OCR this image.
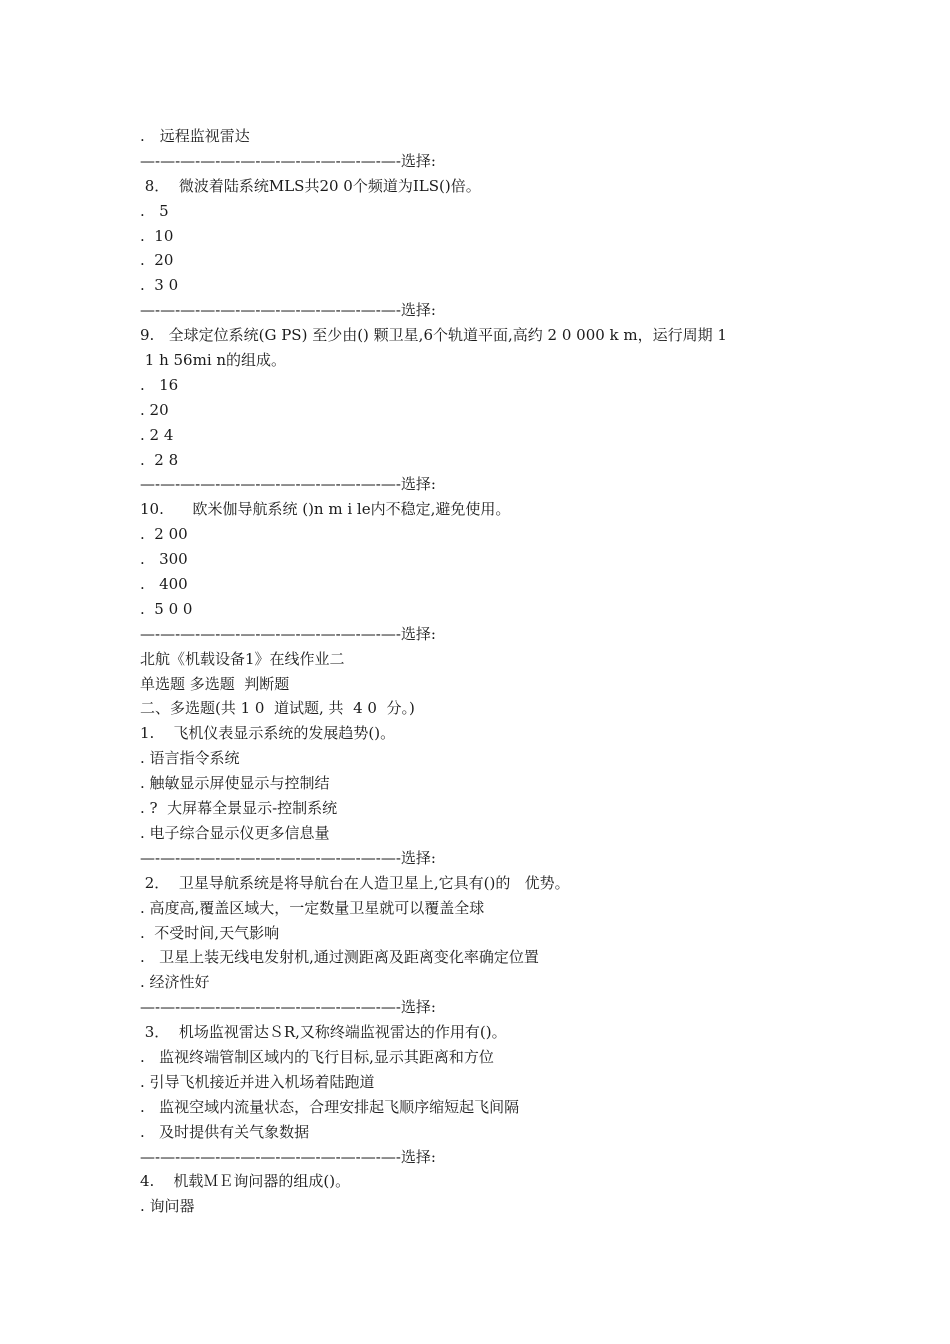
.　远程监视雷达
—-—-—-—-—-—-—-—-—-—-—-—-—-选择:
8．  微波着陆系统MLS共20 0个频道为ILS()倍。
.   5
.  10
.  20
.  3 0
—-—-—-—-—-—-—-—-—-—-—-—-—-选择:
9.   全球定位系统(G PS) 至少由() 颗卫星,6个轨道平面,高约 2 0 000 k m，运行周期 1
1 h 56mi n的组成。
.   16
. 20
. 2 4
.  2 8
—-—-—-—-—-—-—-—-—-—-—-—-—-选择:
10.      欧米伽导航系统 ()n m i le内不稳定,避免使用。
.  2 00
.   300
.   400
.  5 0 0
—-—-—-—-—-—-—-—-—-—-—-—-—-选择:
北航《机载设备1》在线作业二
单选题 多选题  判断题
二、多选题(共 1 0  道试题, 共  4 0  分。)
1.    飞机仪表显示系统的发展趋势()。
. 语言指令系统
. 触敏显示屏使显示与控制结
. ?  大屏幕全景显示-控制系统
. 电子综合显示仪更多信息量
—-—-—-—-—-—-—-—-—-—-—-—-—-选择:
2．  卫星导航系统是将导航台在人造卫星上,它具有()的   优势。
. 高度高,覆盖区域大，一定数量卫星就可以覆盖全球
.  不受时间,天气影响
.   卫星上装无线电发射机,通过测距离及距离变化率确定位置
. 经济性好
—-—-—-—-—-—-—-—-—-—-—-—-—-选择:
3．  机场监视雷达ＳR,又称终端监视雷达的作用有()。
.   监视终端管制区域内的飞行目标,显示其距离和方位
. 引导飞机接近并进入机场着陆跑道
.   监视空域内流量状态，合理安排起飞顺序缩短起飞间隔
.   及时提供有关气象数据
—-—-—-—-—-—-—-—-—-—-—-—-—-选择:
4.    机载ＭＥ询问器的组成()。
. 询问器
